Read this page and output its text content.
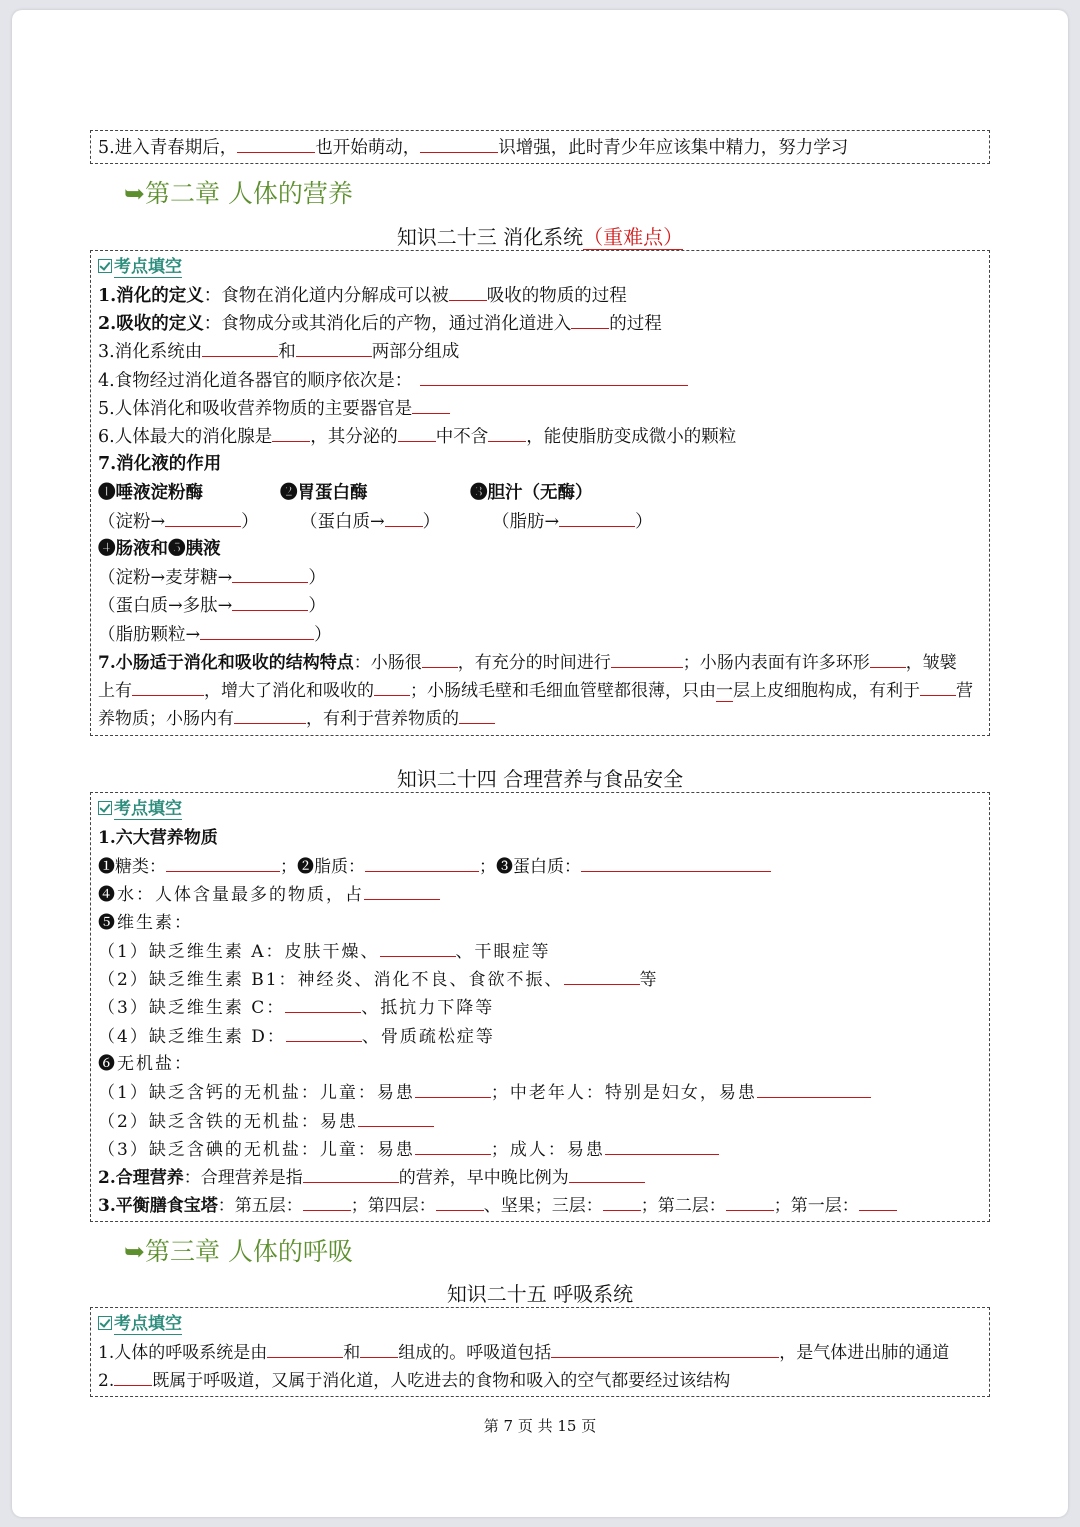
5.进入青春期后，	也开始萌动，	识增强，此时青少年应该集中精力，努力学习
➥第二章 人体的营养
知识二十三 消化系统（重难点）
考点填空
1.消化的定义：食物在消化道内分解成可以被 吸收的物质的过程
2.吸收的定义：食物成分或其消化后的产物，通过消化道进入 的过程
3.消化系统由	和	两部分组成
4.食物经过消化道各器官的顺序依次是：
5.人体消化和吸收营养物质的主要器官是
6.人体最大的消化腺是 ，其分泌的 中不含 ，能使脂肪变成微小的颗粒
7.消化液的作用
❶唾液淀粉酶	❷胃蛋白酶	❸胆汁（无酶）
（淀粉→	） （蛋白质→ ）	（脂肪→	）
❹肠液和❺胰液
（淀粉→麦芽糖→	）
（蛋白质→多肽→	）
（脂肪颗粒→	）
7.小肠适于消化和吸收的结构特点：小肠很 ，有充分的时间进行	；小肠内表面有许多环形 ，皱襞
上有	，增大了消化和吸收的 ；小肠绒毛壁和毛细血管壁都很薄，只由一层上皮细胞构成，有利于 营
养物质；小肠内有	，有利于营养物质的
知识二十四 合理营养与食品安全
考点填空
1.六大营养物质
❶糖类：	；❷脂质：	；❸蛋白质：
❹水：人体含量最多的物质，占
❺维生素：
（1）缺乏维生素 A：皮肤干燥、	、干眼症等
（2）缺乏维生素 B1：神经炎、消化不良、食欲不振、	等
（3）缺乏维生素 C：	、抵抗力下降等
（4）缺乏维生素 D：	、骨质疏松症等
❻无机盐：
（1）缺乏含钙的无机盐：儿童：易患	；中老年人：特别是妇女，易患
（2）缺乏含铁的无机盐：易患
（3）缺乏含碘的无机盐：儿童：易患	；成人：易患
2.合理营养：合理营养是指	的营养，早中晚比例为
3.平衡膳食宝塔：第五层：	；第四层：	、坚果；三层： ；第二层：	；第一层：
➥第三章 人体的呼吸
知识二十五 呼吸系统
考点填空
1.人体的呼吸系统是由	和 组成的。呼吸道包括	，是气体进出肺的通道
2. 既属于呼吸道，又属于消化道，人吃进去的食物和吸入的空气都要经过该结构
第 7 页 共 15 页
